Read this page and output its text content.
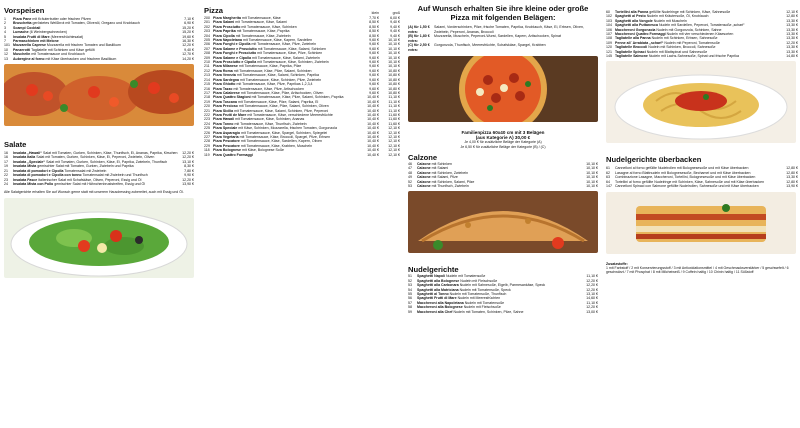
Vorspeisen
1	Pizza Pane mit Kräuterbutter oder frischen Pilzen	7,10 €
2	Bruschetta geröstetes Weißbrot mit Tomaten, Olivenöl, Oregano und Knoblauch	6,90 €
3	Scampi Cocktail	15,20 €
4	Lumache (6 Weinbergschnecken)	15,20 €
5	Insalata Frutti di Mare (Meeresfrüchtesalat)	19,60 €
7	Parmaschinken mit Melone	16,30 €
101 Mozzarella Caprese Mozzarella mit frischen Tomaten und Basilikum	12,20 €
10	Panzerotti Tagliatelle mit Schinken und Käse gefüllt	9,40 €
12	Muschelin mit Tomatensauce und Knoblauch	12,70 €
13	Aubergine al forno mit Käse überbacken und frischem Basilikum	14,20 €
Salate
16	Insalata „Hawaii“ Salat mit Tomaten, Gurken, Schinken, Käse, Thunfisch, Ei, Ananas, Paprika, Kirschen	12,20 €
16	Insalata Italia Salat mit Tomaten, Gurken, Schinken, Käse, Ei, Peperoni, Zwiebeln, Oliven	12,20 €
17	Insalata „Speciale“ Salat mit Tomaten, Gurken, Schinken, Käse, Ei, Paprika, Zwiebeln, Thunfisch	13,10 €
19	Insalata Mista gemischter Salat mit Tomaten, Gurken, Zwiebeln und Paprika	8,30 €
21	Insalata di pomodori e Cipolla Tomatensalat mit Zwiebeln	7,80 €
22	Insalata di pomodori e Cipolla con tonno Tomatensalat mit Zwiebeln und Thunfisch	9,90 €
23	Insalata Fasce italienischer Salat mit Schafskäse, Oliven, Peperoni, Essig und Öl	12,20 €
24	Insalata Mista con Pollo gemischter Salat mit Hähnchenbruststreifen, Essig und Öl	13,90 €
Alle Salatgerichte erhalten Sie auf Wunsch gerne statt mit unserem Hausdressing zubereitet, auch mit Essig und Öl.
Pizza	klein	groß
200 Pizza Margherita mit Tomatensauce, Käse	7,70 €	6,00 €
201 Pizza Salami mit Tomatensauce, Käse, Salami	8,50 €	9,40 €
202 Pizza Prosciutto mit Tomatensauce, Käse, Schinken	8,50 €	9,40 €
203 Pizza Paprika mit Tomatensauce, Käse, Paprika	8,50 €	9,40 €
204 Pizza Cipolla mit Tomatensauce, Käse, Zwiebeln	8,50 €	9,40 €
205 Pizza Napoletana mit Tomatensauce, Käse, Kapern, Sardellen	9,60 €	10,10 €
206 Pizza Funghi e Cipolla mit Tomatensauce, Käse, Pilze, Zwiebeln	9,60 €	10,10 €
207 Pizza Salame e Prosciutto mit Tomatensauce, Käse, Salami, Schinken	9,60 €	10,10 €
208 Pizza Funghi e Prosciutto mit Tomatensauce, Käse, Pilze, Schinken	9,60 €	10,10 €
209 Pizza Salame e Cipolla mit Tomatensauce, Käse, Salami, Zwiebeln	9,60 €	10,10 €
210 Pizza Prosciutto e Cipolla mit Tomatensauce, Käse, Schinken, Zwiebeln	9,60 €	10,10 €
211 Pizza Milanese mit Tomatensauce, Käse, Paprika, Pilze	9,60 €	10,10 €
212 Pizza Roma mit Tomatensauce, Käse, Pilze, Salami, Schinken	9,60 €	10,80 €
213 Pizza Venezia mit Tomatensauce, Käse, Salami, Schinken, Paprika	9,60 €	10,80 €
214 Pizza Sardegna mit Tomatensauce, Käse, Schinken, Pilze, Zwiebeln	9,60 €	10,80 €
215 Pizza Ghiotto mit Tomatensauce, Käse, Pilze, Paprikas 1,2,3,4	9,60 €	10,80 €
216 Pizza Tazzo mit Tomatensauce, Käse, Pilze, Artischocken	9,60 €	10,80 €
217 Pizza Calabrese mit Tomatensauce, Käse, Pilze, Artischocken, Oliven	9,60 €	10,80 €
218 Pizza Quattro Stagioni mit Tomatensauce, Käse, Pilze, Salami, Schinken, Paprika	10,40 €	11,10 €
219 Pizza Toscana mit Tomatensauce, Käse, Pilze, Salami, Paprika, Ei	10,40 €	11,10 €
220 Pizza Precioso mit Tomatensauce, Käse, Pilze, Salami, Schinken, Oliven	10,40 €	11,10 €
221 Pizza Sicilia mit Tomatensauce, Käse, Salami, Schinken, Pilze, Peperoni	10,40 €	11,10 €
222 Pizza Frutti de Mare mit Tomatensauce, Käse, verschiedene Meeresfrüchte	10,40 €	11,60 €
223 Pizza Hawaii mit Tomatensauce, Käse, Schinken, Ananas	10,40 €	11,60 €
224 Pizza Tonno mit Tomatensauce, Käse, Thunfisch, Zwiebeln	10,40 €	11,60 €
225 Pizza Speciale mit Käse, Schinken, Mozzarella, frischen Tomaten, Gorgonzola	10,40 €	12,10 €
226 Pizza Asparagio mit Tomatensauce, Käse, Spargel, Schinken, Spiegelei	10,40 €	12,10 €
227 Pizza Vegetaria mit Tomatensauce, Käse, Broccoli, Spargel, Pilze, Erbsen	10,40 €	12,10 €
228 Pizza Pescatore mit Tomatensauce, Käse, Sardellen, Kapern, Oliven	10,40 €	12,10 €
229 Pizza Pescatore mit Tomatensauce, Käse, Krabben, Muscheln	10,40 €	12,10 €
118 Pizza Bolognese mit Käse, Bolognese Soße	10,40 €	12,10 €
119 Pizza Quattro Formaggi	10,40 €	12,10 €
Auf Wunsch erhalten Sie ihre kleine oder große Pizza mit folgenden Belägen:
(A) für 1,50 € extra:
Salami, Vorderschinken, Pilze, frische Tomaten, Paprika, Knoblauch, Käse, Ei, Erbsen, Oliven, Zwiebeln, Peperoni, Ananas, Broccoli
(B) für 1,80 € extra:
Mozzarella, Muscheln, Peperoni-Wurst, Sardellen, Kapern, Artischocken, Spinat
(C) für 2,50 € extra:
Gorgonzola, Thunfisch, Meeresfrüchte, Schafskäse, Spargel, Krabben
Familienpizza 60x40 cm mit 3 Belägen
(aus Kategorie A) 30,00 €
Je 4,00 € für zusätzliche Beläge der Kategorie (A)
Je 6,50 € für zusätzliche Beläge der Kategorie (B) / (C)
Calzone
46	Calzone mit Schinken	10,10 €
47	Calzone mit Salami	10,10 €
48	Calzone mit Schinken, Zwiebeln	10,10 €
49	Calzone mit Salami, Pilze	10,10 €
52	Calzone mit Schinken, Salami, Pilze	10,10 €
53	Calzone mit Thunfisch, Zwiebeln	10,10 €
Nudelgerichte
51	Spaghetti Napoli Nudeln mit Tomatensoße	11,10 €
52	Spaghetti alla Bolognese Nudeln mit Fleischsoße	12,20 €
53	Spaghetti alla Carbonara Nudeln mit Sahnesoße, Eigelb, Parmesankäse, Speck	12,20 €
54	Spaghetti alla Matriciana Nudeln mit Tomatensoße, Speck	12,20 €
55	Spaghetti al Tonno Nudeln mit Tomatensoße, Thunfisch	13,10 €
56	Spaghetti Frutti di Mare Nudeln mit Meeresfrüchten	14,60 €
57	Maccheroni alla Napoletana Nudeln mit Tomatensoße	11,10 €
58	Maccheroni alla Bolognese Nudeln mit Fleischsoße	12,20 €
59	Maccheroni alla Chef Nudeln mit Tomaten, Schinken, Pilze, Sahne	13,00 €
60	Tortellini alla Panna gefüllte Nudelringe mit Schinken, Käse, Sahnesoße	12,10 €
102 Spaghetti al Pesto Nudeln mit Kräutersoße, Öl, Knoblauch	12,80 €
103 Spaghetti alla Vongole Nudeln mit Muscheln	13,30 €
104 Spaghetti alla Puttanesca Nudeln mit Sardellen, Peperoni, Tomatensoße „scharf“	13,30 €
106 Maccheroni Gorgonzola Nudeln mit Gorgonzola, Schinken, Sahne	13,30 €
107 Maccheroni Quattro Formaggi Nudeln mit vier verschiedenen Käsesorten	13,30 €
108 Tagliatelle alla Panna Nudeln mit Schinken, Erbsen, Sahnesoße	13,30 €
109 Penne all´ Arrabiata „scharf“ Nudeln mit Peperoni, Tomatensoße	12,20 €
120 Tagliatelle Broccoli Nudeln mit Schinken, Broccoli, Sahnesoße	13,30 €
121 Tagliatelle Spinaci Nudeln mit Blattspinat und Sahnesoße	13,30 €
145 Tagliatelle Salmone Nudeln mit Lachs-Sahnesoße, Spinat und frische Paprika	14,80 €
Nudelgerichte überbacken
61	Cannelloni al forno gefüllte Nudelrollen mit Bolognesesoße und mit Käse überbacken	12,80 €
62	Lasagne al forno Blattnudeln mit Bolognesesoße, Bechamel und mit Käse überbacken	12,80 €
63	Combinazione Lasagne, Maccheroni, Tortellini, Bolognesesoße und mit Käse überbacken	13,30 €
64	Tortellini al forno gefüllte Nudelringe mit Schinken, Käse, Sahnesoße und mit Käse überbacken	12,80 €
147 Cannelloni Spinaci con Salmone gefüllte Nudelrollen, Sahnesoße und mit Käse überbacken	13,90 €
Zusatzstoffe:
1 mit Farbstoff / 2 mit Konservierungsstoff / 3 mit Antioxidationsmittel / 4 mit Geschmacksverstärker / 5 geschwefelt / 6 geschwärzt / 7 mit Phosphat / 8 mit Milcheiweiß / 9 Coffein haltig / 10 Chinin haltig / 11 Süßstoff
